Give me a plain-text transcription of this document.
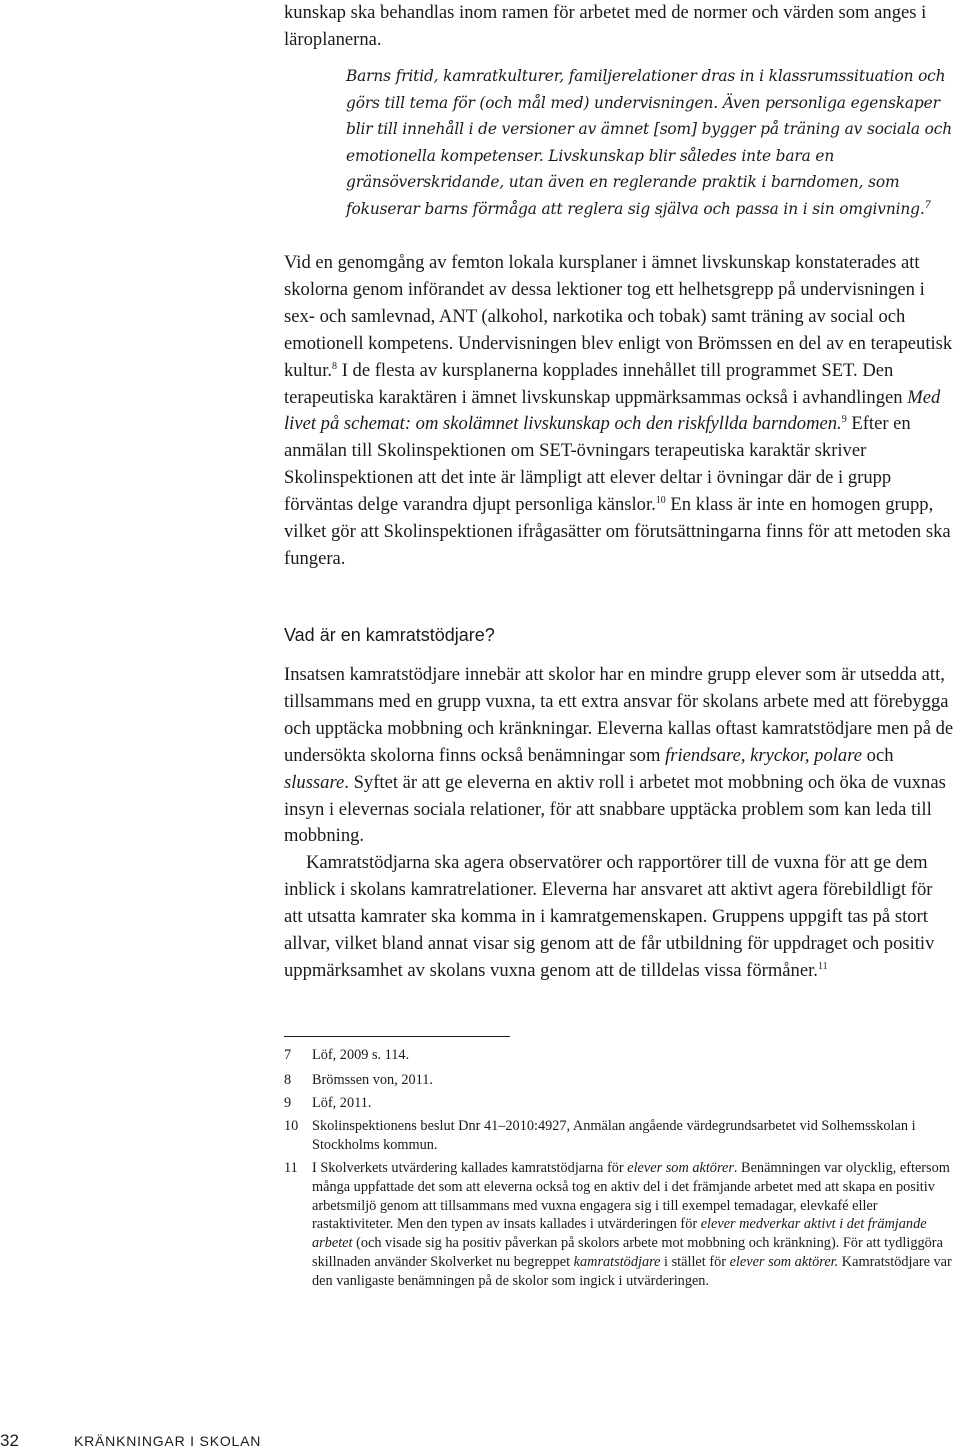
kunskap ska behandlas inom ramen för arbetet med de normer och värden som anges i läroplanerna.

Barns fritid, kamratkulturer, familjerelationer dras in i klassrumssituation och görs till tema för (och mål med) undervisningen. Även personliga egenskaper blir till innehåll i de versioner av ämnet [som] bygger på träning av sociala och emotionella kompetenser. Livskunskap blir således inte bara en gränsöverskridande, utan även en reglerande praktik i barndomen, som fokuserar barns förmåga att reglera sig själva och passa in i sin omgivning.$^7$

Vid en genomgång av femton lokala kursplaner i ämnet livskunskap konstaterades att skolorna genom införandet av dessa lektioner tog ett helhetsgrepp på undervisningen i sex- och samlevnad, ANT (alkohol, narkotika och tobak) samt träning av social och emotionell kompetens. Undervisningen blev enligt von Brömssen en del av en terapeutisk kultur.$^8$ I de flesta av kursplanerna kopplades innehållet till programmet SET. Den terapeutiska karaktären i ämnet livskunskap uppmärksammas också i avhandlingen Med livet på schemat: om skolämnet livskunskap och den riskfyllda barndomen.$^9$ Efter en anmälan till Skolinspektionen om SET-övningars terapeutiska karaktär skriver Skolinspektionen att det inte är lämpligt att elever deltar i övningar där de i grupp förväntas delge varandra djupt personliga känslor.$^{10}$ En klass är inte en homogen grupp, vilket gör att Skolinspektionen ifrågasätter om förutsättningarna finns för att metoden ska fungera.

Vad är en kamratstödjare?

Insatsen kamratstödjare innebär att skolor har en mindre grupp elever som är utsedda att, tillsammans med en grupp vuxna, ta ett extra ansvar för skolans arbete med att förebygga och upptäcka mobbning och kränkningar. Eleverna kallas oftast kamratstödjare men på de undersökta skolorna finns också benämningar som friendsare, kryckor, polare och slussare. Syftet är att ge eleverna en aktiv roll i arbetet mot mobbning och öka de vuxnas insyn i elevernas sociala relationer, för att snabbare upptäcka problem som kan leda till mobbning.

Kamratstödjarna ska agera observatörer och rapportörer till de vuxna för att ge dem inblick i skolans kamratrelationer. Eleverna har ansvaret att aktivt agera förebildligt för att utsatta kamrater ska komma in i kamratgemenskapen. Gruppens uppgift tas på stort allvar, vilket bland annat visar sig genom att de får utbildning för uppdraget och positiv uppmärksamhet av skolans vuxna genom att de tilldelas vissa förmåner.$^{11}$

7 Löf, 2009 s. 114.
8 Brömssen von, 2011.
9 Löf, 2011.
10 Skolinspektionens beslut Dnr 41–2010:4927, Anmälan angående värdegrundsarbetet vid Solhemsskolan i Stockholms kommun.
11 I Skolverkets utvärdering kallades kamratstödjarna för elever som aktörer. Benämningen var olycklig, eftersom många uppfattade det som att eleverna också tog en aktiv del i det främjande arbetet med att skapa en positiv arbetsmiljö genom att tillsammans med vuxna engagera sig i till exempel temadagar, elevkafé eller rastaktiviteter. Men den typen av insats kallades i utvärderingen för elever medverkar aktivt i det främjande arbetet (och visade sig ha positiv påverkan på skolors arbete mot mobbning och kränkning). För att tydliggöra skillnaden använder Skolverket nu begreppet kamratstödjare i stället för elever som aktörer. Kamratstödjare var den vanligaste benämningen på de skolor som ingick i utvärderingen.
32	KRÄNKNINGAR I SKOLAN
